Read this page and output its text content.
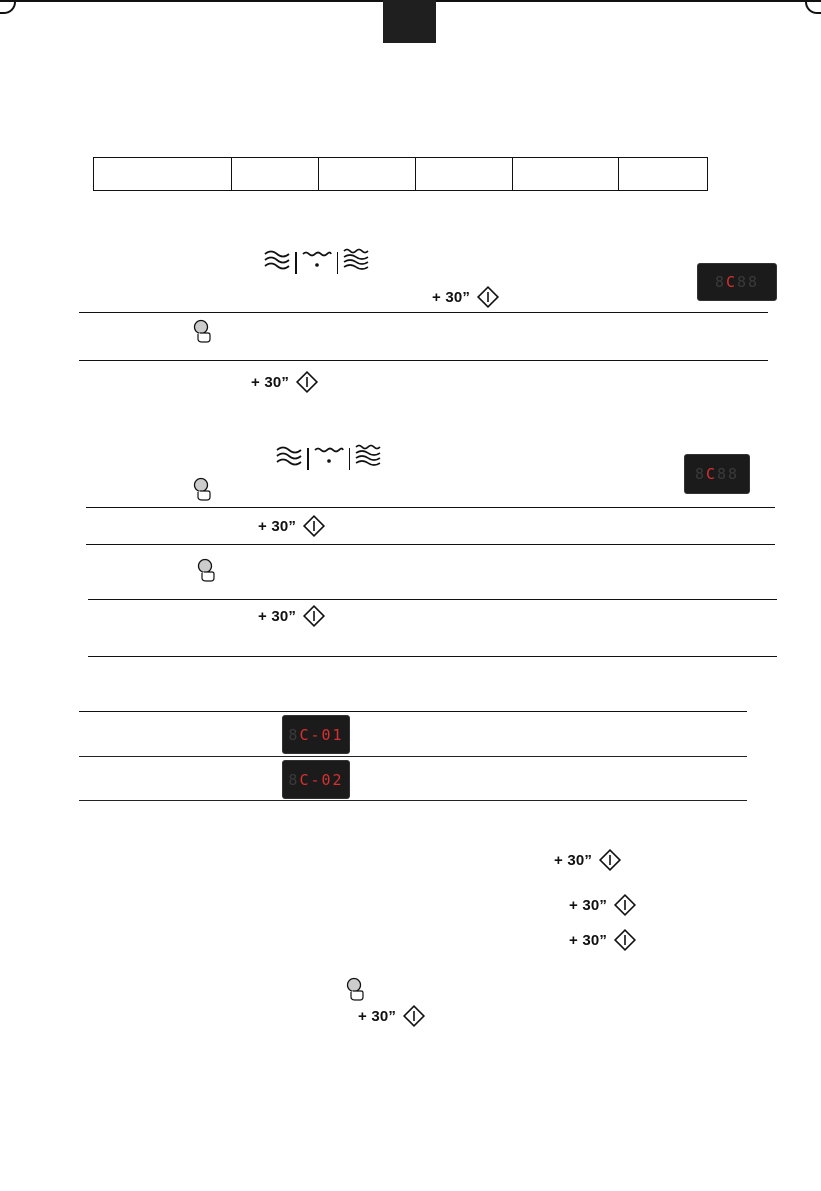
+ 30”
8 C 88
+ 30”
8 C 88
+ 30”
+ 30”
8 C-01
8 C-02
+ 30”
+ 30”
+ 30”
+ 30”
